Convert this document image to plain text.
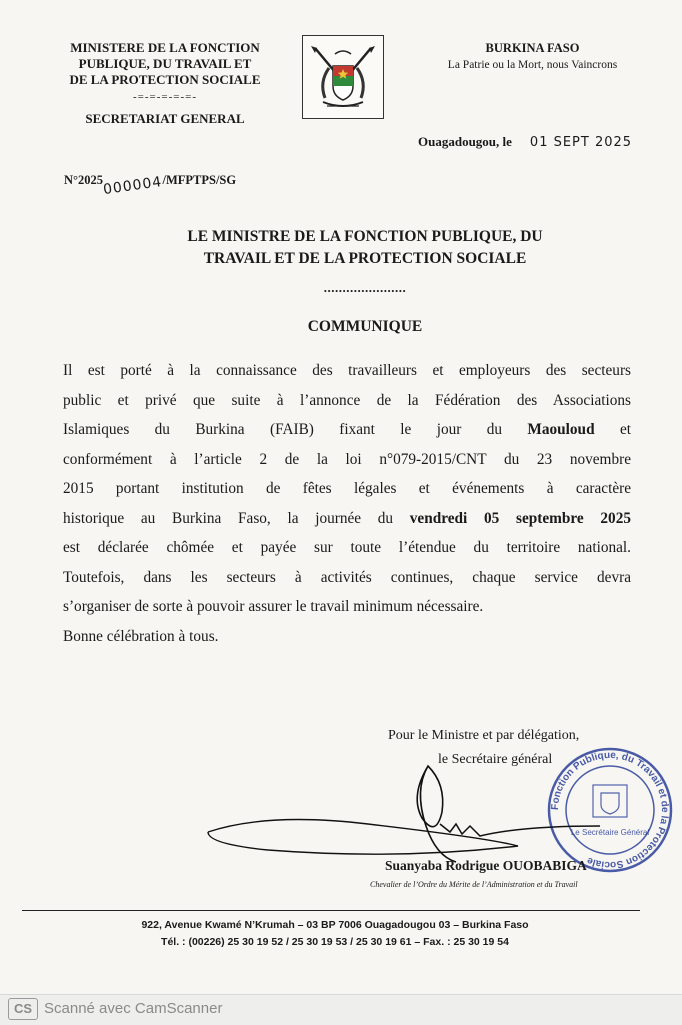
MINISTERE DE LA FONCTION
PUBLIQUE, DU TRAVAIL ET
DE LA PROTECTION SOCIALE
-=-=-=-=-=-
SECRETARIAT GENERAL
BURKINA FASO
La Patrie ou la Mort, nous Vaincrons
Ouagadougou, le 01 SEPT 2025
N°2025000004/MFPTPS/SG
LE MINISTRE DE LA FONCTION PUBLIQUE, DU
TRAVAIL ET DE LA PROTECTION SOCIALE
......................
COMMUNIQUE

Il est porté à la connaissance des travailleurs et employeurs des secteurs

public et privé que suite à l’annonce de la Fédération des Associations

Islamiques du Burkina (FAIB) fixant le jour du Maouloud et

conformément à l’article 2 de la loi n°079-2015/CNT du 23 novembre

2015 portant institution de fêtes légales et événements à caractère

historique au Burkina Faso, la journée du vendredi 05 septembre 2025

est déclarée chômée et payée sur toute l’étendue du territoire national.

Toutefois, dans les secteurs à activités continues, chaque service devra

s’organiser de sorte à pouvoir assurer le travail minimum nécessaire.

Bonne célébration à tous.

Pour le Ministre et par délégation,
le Secrétaire général
Fonction Publique, du Travail et de la Protection Sociale
Le Secrétaire Général
Suanyaba Rodrigue OUOBABIGA
Chevalier de l’Ordre du Mérite de l’Administration et du Travail
922, Avenue Kwamé N’Krumah – 03 BP 7006 Ouagadougou 03 – Burkina Faso
Tél. : (00226) 25 30 19 52 / 25 30 19 53 / 25 30 19 61 – Fax. : 25 30 19 54
CS Scanné avec CamScanner
